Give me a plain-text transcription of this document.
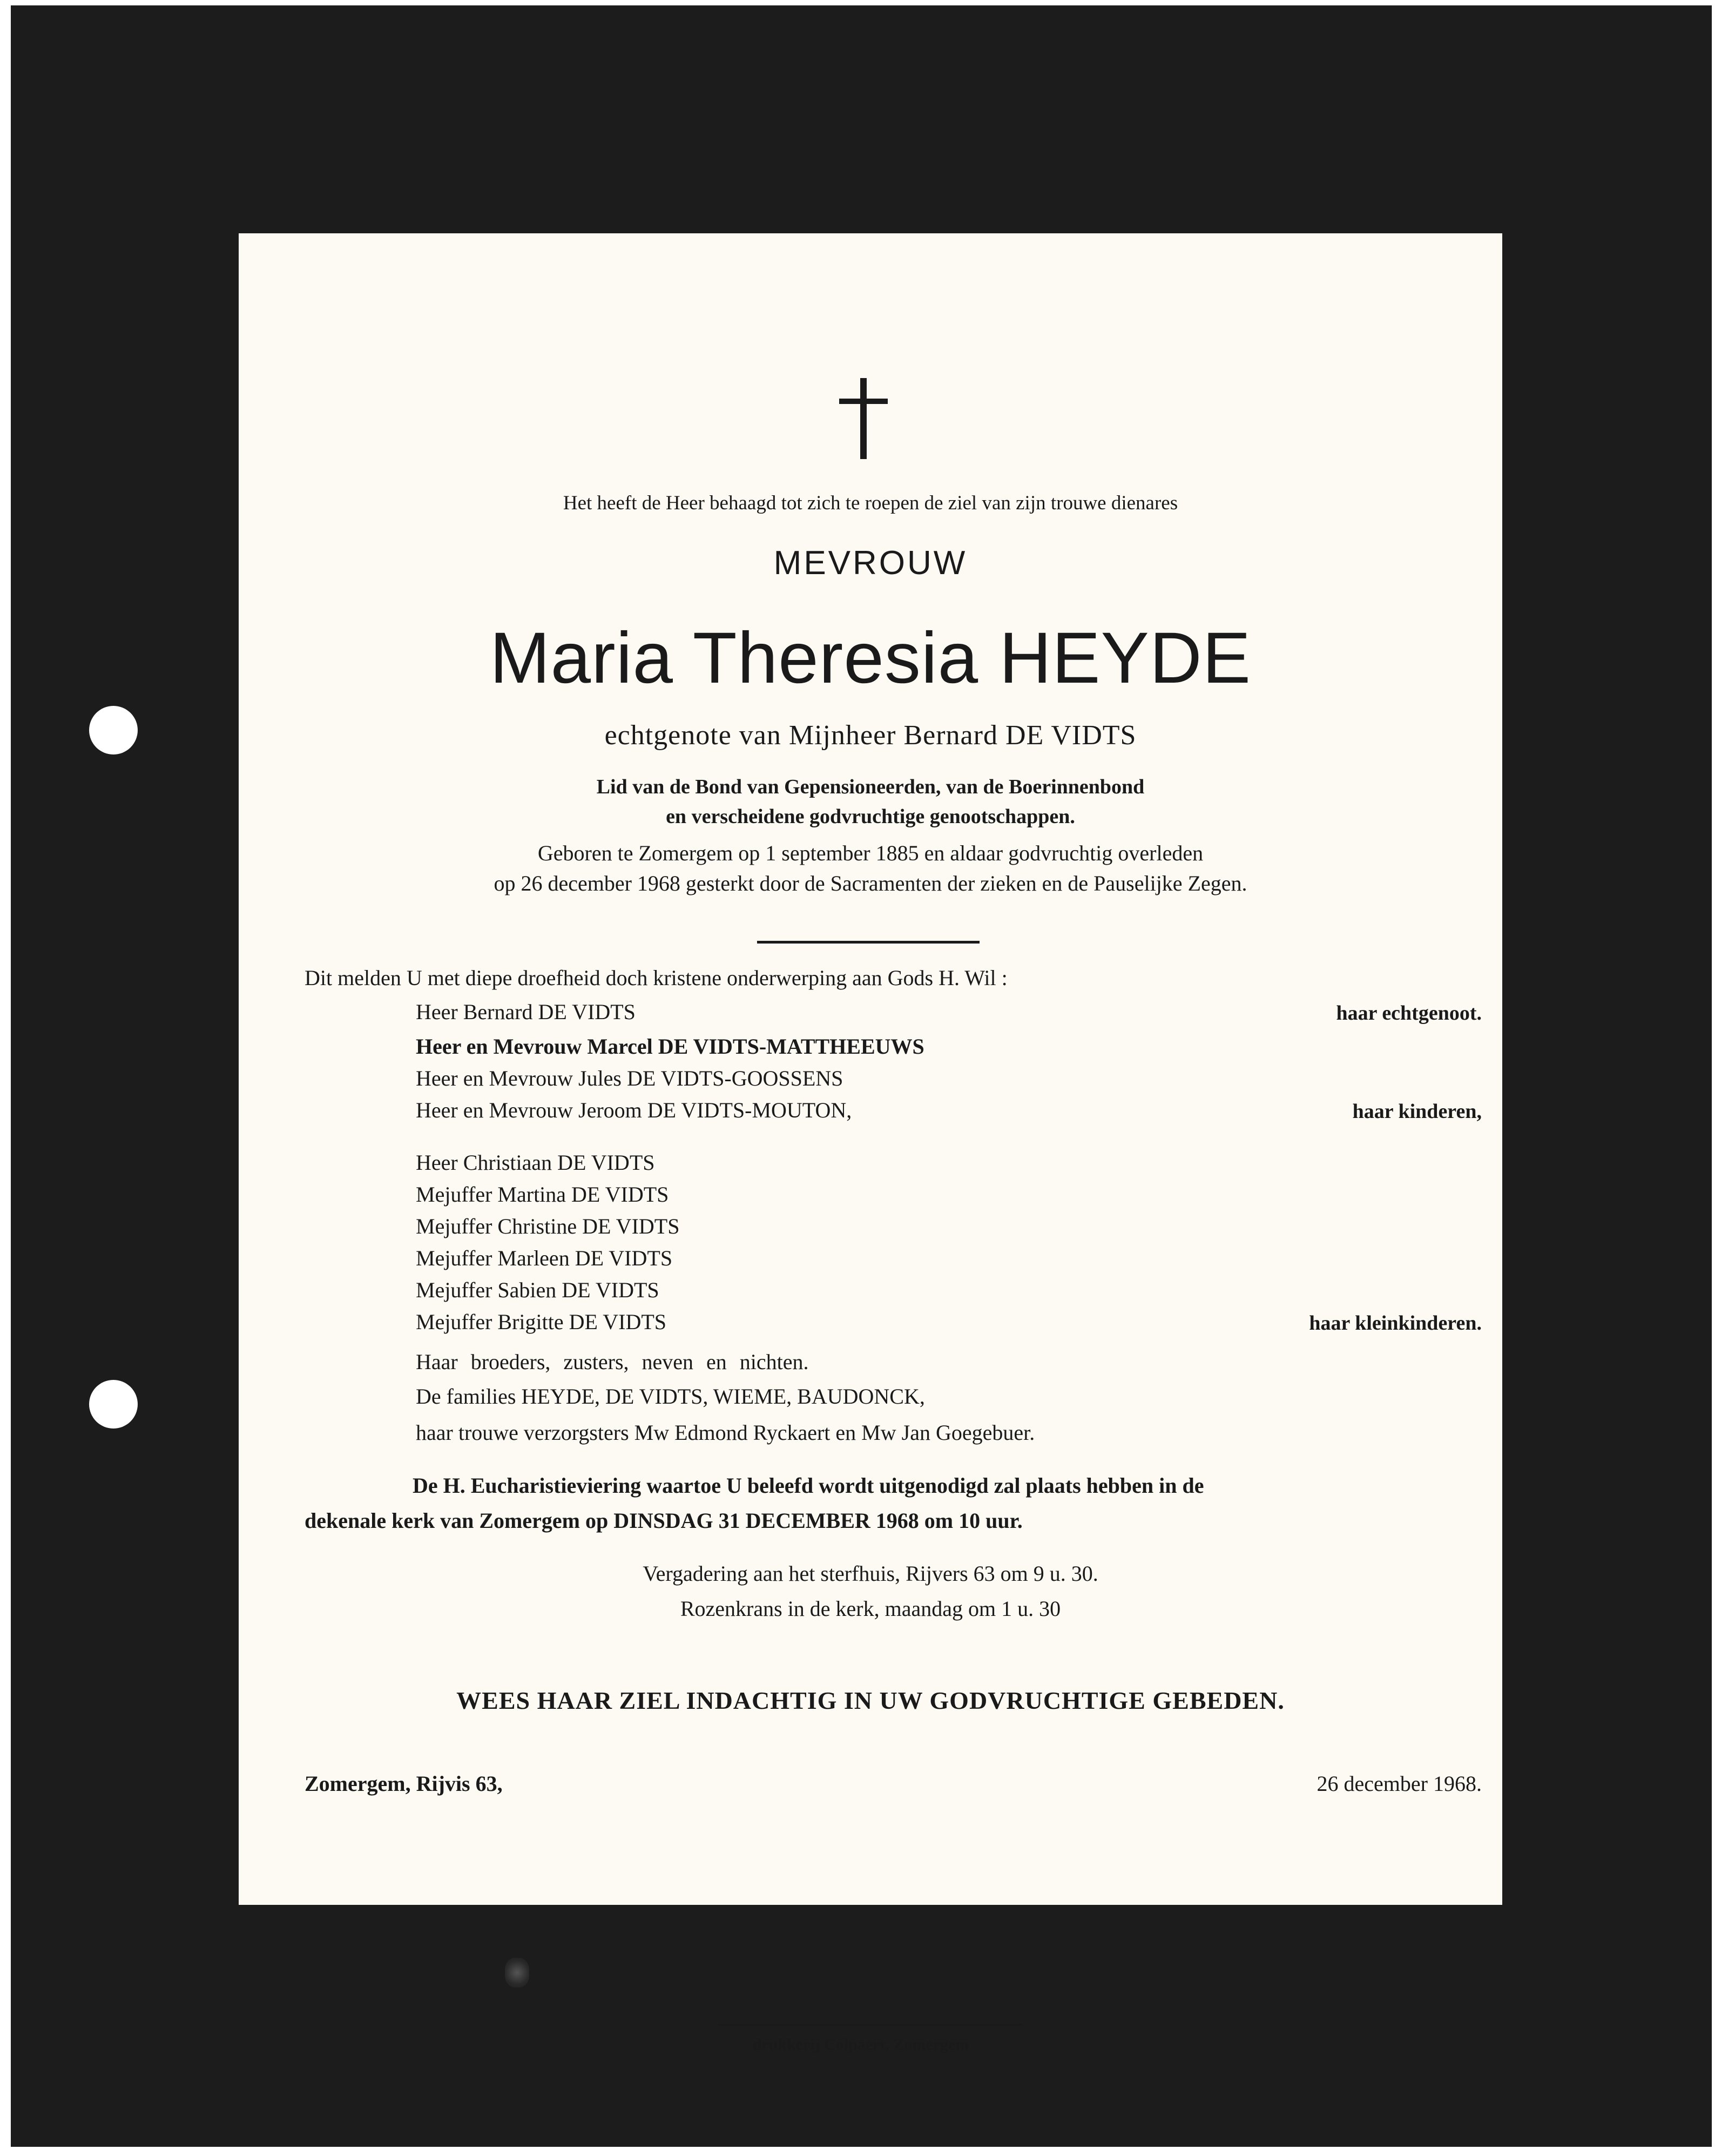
Het heeft de Heer behaagd tot zich te roepen de ziel van zijn trouwe dienares
MEVROUW
Maria Theresia HEYDE
echtgenote van Mijnheer Bernard DE VIDTS
Lid van de Bond van Gepensioneerden, van de Boerinnenbond
en verscheidene godvruchtige genootschappen.
Geboren te Zomergem op 1 september 1885 en aldaar godvruchtig overleden
op 26 december 1968 gesterkt door de Sacramenten der zieken en de Pauselijke Zegen.
Dit melden U met diepe droefheid doch kristene onderwerping aan Gods H. Wil :
Heer Bernard DE VIDTS	haar echtgenoot.
Heer en Mevrouw Marcel DE VIDTS-MATTHEEUWS
Heer en Mevrouw Jules DE VIDTS-GOOSSENS
Heer en Mevrouw Jeroom DE VIDTS-MOUTON,	haar kinderen,
Heer Christiaan DE VIDTS
Mejuffer Martina DE VIDTS
Mejuffer Christine DE VIDTS
Mejuffer Marleen DE VIDTS
Mejuffer Sabien DE VIDTS
Mejuffer Brigitte DE VIDTS	haar kleinkinderen.
Haar broeders, zusters, neven en nichten.
De families HEYDE, DE VIDTS, WIEME, BAUDONCK,
haar trouwe verzorgsters Mw Edmond Ryckaert en Mw Jan Goegebuer.
De H. Eucharistieviering waartoe U beleefd wordt uitgenodigd zal plaats hebben in de
dekenale kerk van Zomergem op DINSDAG 31 DECEMBER 1968 om 10 uur.
Vergadering aan het sterfhuis, Rijvers 63 om 9 u. 30.
Rozenkrans in de kerk, maandag om 1 u. 30
WEES HAAR ZIEL INDACHTIG IN UW GODVRUCHTIGE GEBEDEN.
Zomergem, Rijvis 63,	26 december 1968.
drukkerij Colpaert, Zomergem
